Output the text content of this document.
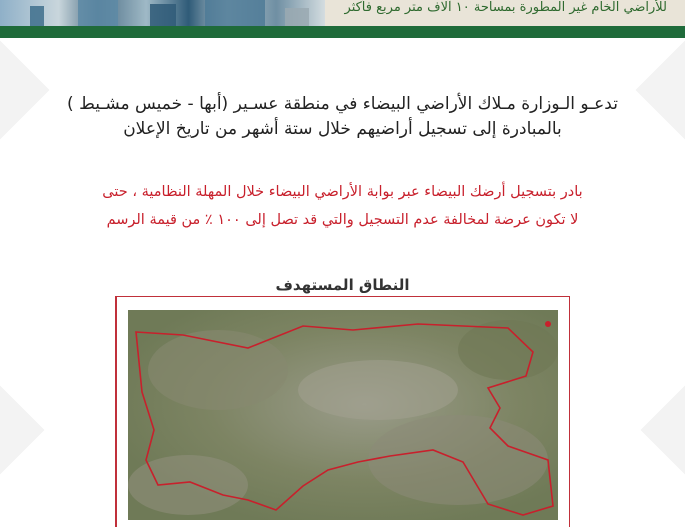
للأراضي الخام غير المطورة بمساحة ١٠ آلاف متر مربع فأكثر
تدعـو الـوزارة مـلاك الأراضي البيضاء في منطقة عسـير (أبها - خميس مشـيط )
بالمبادرة إلى تسجيل أراضيهم خلال ستة أشهر من تاريخ الإعلان
بادر بتسجيل أرضك البيضاء عبر بوابة الأراضي البيضاء خلال المهلة النظامية ، حتى
لا تكون عرضة لمخالفة عدم التسجيل والتي قد تصل إلى ١٠٠ ٪ من قيمة الرسم
النطاق المستهدف
